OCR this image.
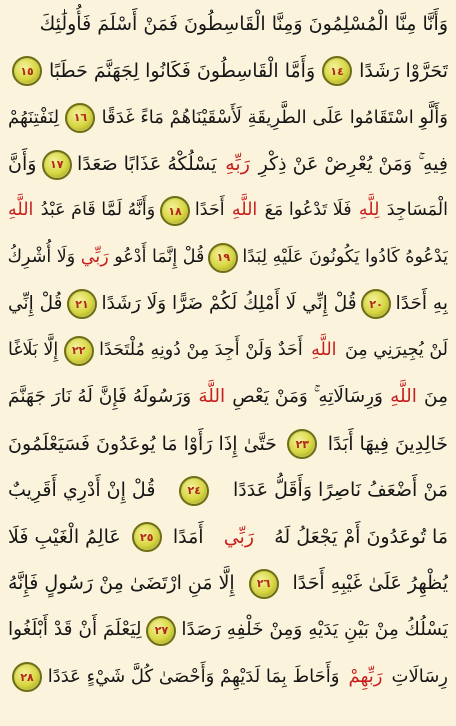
وَأَنَّا مِنَّا الْمُسْلِمُونَ وَمِنَّا الْقَاسِطُونَ فَمَنْ أَسْلَمَ فَأُولَٰئِكَ
تَحَرَّوْا رَشَدًا
١٤
وَأَمَّا الْقَاسِطُونَ فَكَانُوا لِجَهَنَّمَ حَطَبًا
١٥
وَأَلَّوِ اسْتَقَامُوا عَلَى الطَّرِيقَةِ لَأَسْقَيْنَاهُمْ مَاءً غَدَقًا
١٦
لِنَفْتِنَهُمْ
فِيهِ ۚ وَمَنْ يُعْرِضْ عَنْ ذِكْرِ

رَبِّهِ

يَسْلُكْهُ عَذَابًا صَعَدًا
١٧
وَأَنَّ
الْمَسَاجِدَ

لِلَّهِ

فَلَا تَدْعُوا مَعَ

اللَّهِ

أَحَدًا
١٨
وَأَنَّهُ لَمَّا قَامَ عَبْدُ

اللَّهِ
يَدْعُوهُ كَادُوا يَكُونُونَ عَلَيْهِ لِبَدًا
١٩
قُلْ إِنَّمَا أَدْعُو

رَبِّي

وَلَا أُشْرِكُ
بِهِ أَحَدًا
٢٠
قُلْ إِنِّي لَا أَمْلِكُ لَكُمْ ضَرًّا وَلَا رَشَدًا
٢١
قُلْ إِنِّي
لَنْ يُجِيرَنِي مِنَ

اللَّهِ

أَحَدٌ وَلَنْ أَجِدَ مِنْ دُونِهِ مُلْتَحَدًا
٢٢
إِلَّا بَلَاغًا
مِنَ

اللَّهِ

وَرِسَالَاتِهِ ۚ وَمَنْ يَعْصِ

اللَّهَ

وَرَسُولَهُ فَإِنَّ لَهُ نَارَ جَهَنَّمَ
خَالِدِينَ فِيهَا أَبَدًا
٢٣
حَتَّىٰ إِذَا رَأَوْا مَا يُوعَدُونَ فَسَيَعْلَمُونَ
مَنْ أَضْعَفُ نَاصِرًا وَأَقَلُّ عَدَدًا
٢٤
قُلْ إِنْ أَدْرِي أَقَرِيبٌ
مَا تُوعَدُونَ أَمْ يَجْعَلُ لَهُ

رَبِّي

أَمَدًا
٢٥
عَالِمُ الْغَيْبِ فَلَا
يُظْهِرُ عَلَىٰ غَيْبِهِ أَحَدًا
٢٦
إِلَّا مَنِ ارْتَضَىٰ مِنْ رَسُولٍ فَإِنَّهُ
يَسْلُكُ مِنْ بَيْنِ يَدَيْهِ وَمِنْ خَلْفِهِ رَصَدًا
٢٧
لِيَعْلَمَ أَنْ قَدْ أَبْلَغُوا
رِسَالَاتِ

رَبِّهِمْ

وَأَحَاطَ بِمَا لَدَيْهِمْ وَأَحْصَىٰ كُلَّ شَيْءٍ عَدَدًا
٢٨
